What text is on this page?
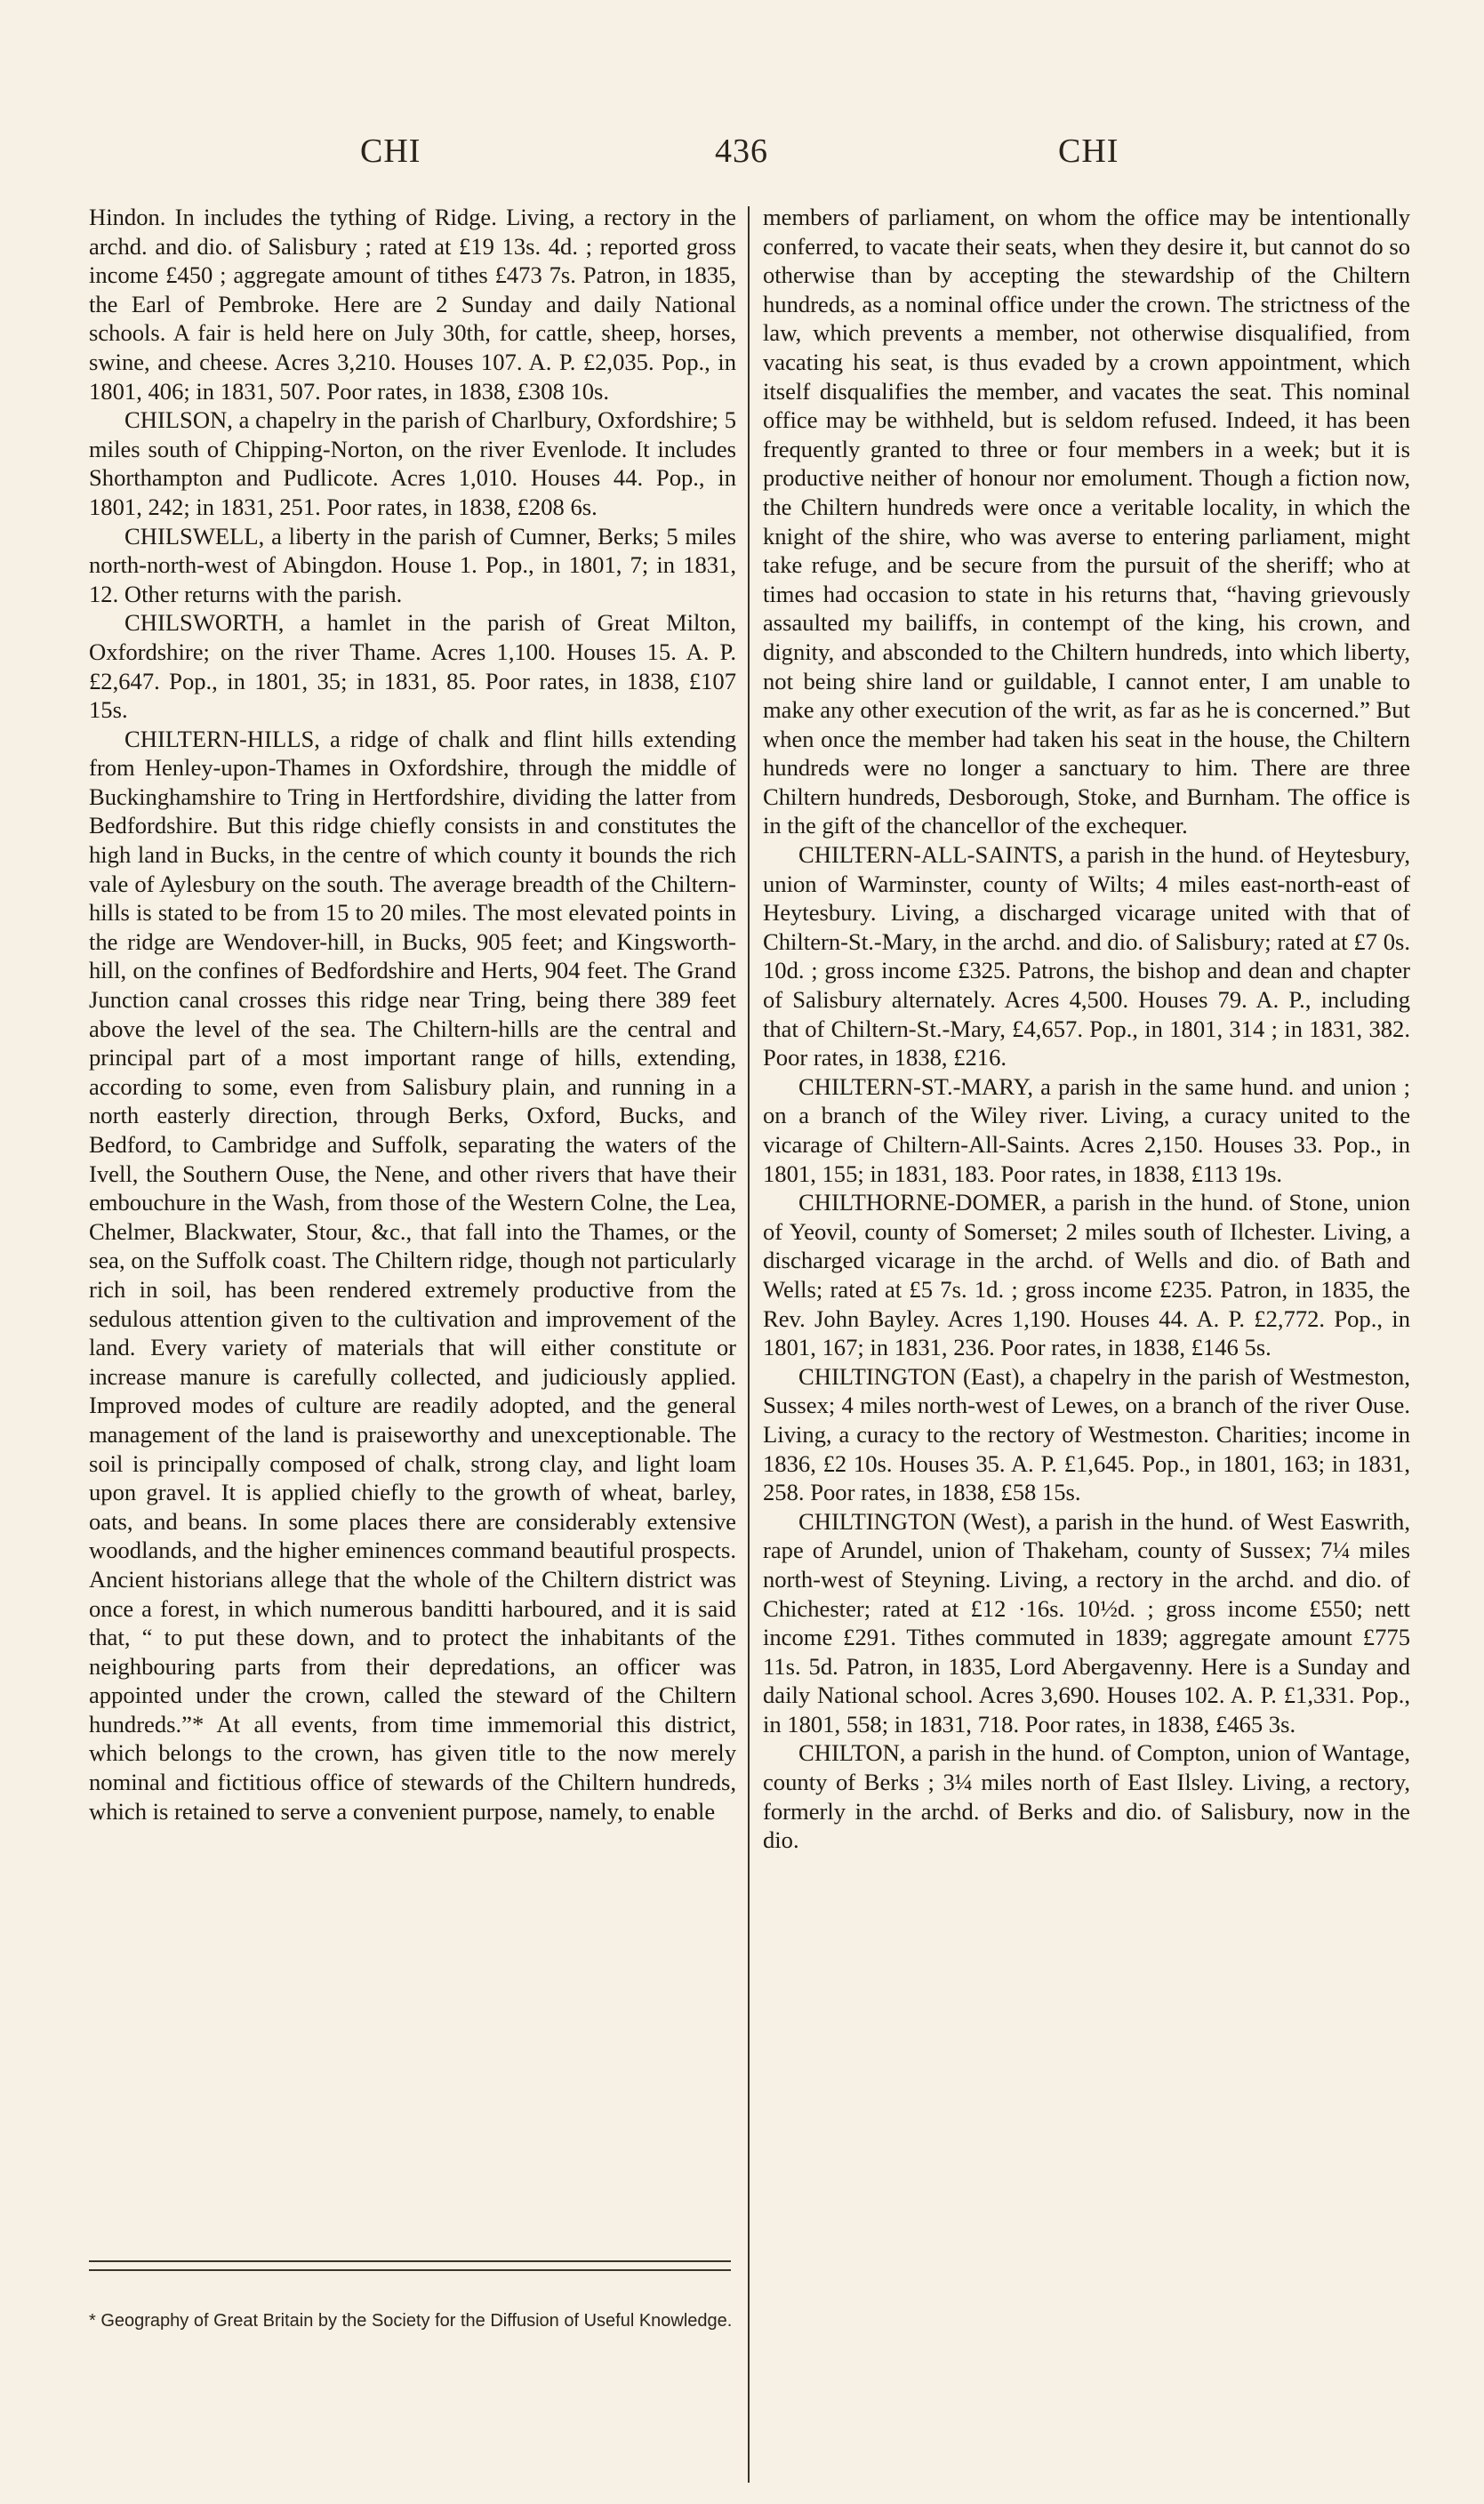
CHI	436	CHI

Hindon. In includes the tything of Ridge. Living, a rectory in the archd. and dio. of Salisbury ; rated at £19 13s. 4d. ; reported gross income £450 ; aggregate amount of tithes £473 7s. Patron, in 1835, the Earl of Pembroke. Here are 2 Sunday and daily National schools. A fair is held here on July 30th, for cattle, sheep, horses, swine, and cheese. Acres 3,210. Houses 107. A. P. £2,035. Pop., in 1801, 406; in 1831, 507. Poor rates, in 1838, £308 10s.

CHILSON, a chapelry in the parish of Charlbury, Oxfordshire; 5 miles south of Chipping-Norton, on the river Evenlode. It includes Shorthampton and Pudlicote. Acres 1,010. Houses 44. Pop., in 1801, 242; in 1831, 251. Poor rates, in 1838, £208 6s.

CHILSWELL, a liberty in the parish of Cumner, Berks; 5 miles north-north-west of Abingdon. House 1. Pop., in 1801, 7; in 1831, 12. Other returns with the parish.

CHILSWORTH, a hamlet in the parish of Great Milton, Oxfordshire; on the river Thame. Acres 1,100. Houses 15. A. P. £2,647. Pop., in 1801, 35; in 1831, 85. Poor rates, in 1838, £107 15s.

CHILTERN-HILLS, a ridge of chalk and flint hills extending from Henley-upon-Thames in Oxfordshire, through the middle of Buckinghamshire to Tring in Hertfordshire, dividing the latter from Bedfordshire. But this ridge chiefly consists in and constitutes the high land in Bucks, in the centre of which county it bounds the rich vale of Aylesbury on the south. The average breadth of the Chiltern-hills is stated to be from 15 to 20 miles. The most elevated points in the ridge are Wendover-hill, in Bucks, 905 feet; and Kingsworth-hill, on the confines of Bedfordshire and Herts, 904 feet. The Grand Junction canal crosses this ridge near Tring, being there 389 feet above the level of the sea. The Chiltern-hills are the central and principal part of a most important range of hills, extending, according to some, even from Salisbury plain, and running in a north easterly direction, through Berks, Oxford, Bucks, and Bedford, to Cambridge and Suffolk, separating the waters of the Ivell, the Southern Ouse, the Nene, and other rivers that have their embouchure in the Wash, from those of the Western Colne, the Lea, Chelmer, Blackwater, Stour, &c., that fall into the Thames, or the sea, on the Suffolk coast. The Chiltern ridge, though not particularly rich in soil, has been rendered extremely productive from the sedulous attention given to the cultivation and improvement of the land. Every variety of materials that will either constitute or increase manure is carefully collected, and judiciously applied. Improved modes of culture are readily adopted, and the general management of the land is praiseworthy and unexceptionable. The soil is principally composed of chalk, strong clay, and light loam upon gravel. It is applied chiefly to the growth of wheat, barley, oats, and beans. In some places there are considerably extensive woodlands, and the higher eminences command beautiful prospects. Ancient historians allege that the whole of the Chiltern district was once a forest, in which numerous banditti harboured, and it is said that, “ to put these down, and to protect the inhabitants of the neighbouring parts from their depredations, an officer was appointed under the crown, called the steward of the Chiltern hundreds.”* At all events, from time immemorial this district, which belongs to the crown, has given title to the now merely nominal and fictitious office of stewards of the Chiltern hundreds, which is retained to serve a convenient purpose, namely, to enable

members of parliament, on whom the office may be intentionally conferred, to vacate their seats, when they desire it, but cannot do so otherwise than by accepting the stewardship of the Chiltern hundreds, as a nominal office under the crown. The strictness of the law, which prevents a member, not otherwise disqualified, from vacating his seat, is thus evaded by a crown appointment, which itself disqualifies the member, and vacates the seat. This nominal office may be withheld, but is seldom refused. Indeed, it has been frequently granted to three or four members in a week; but it is productive neither of honour nor emolument. Though a fiction now, the Chiltern hundreds were once a veritable locality, in which the knight of the shire, who was averse to entering parliament, might take refuge, and be secure from the pursuit of the sheriff; who at times had occasion to state in his returns that, “having grievously assaulted my bailiffs, in contempt of the king, his crown, and dignity, and absconded to the Chiltern hundreds, into which liberty, not being shire land or guildable, I cannot enter, I am unable to make any other execution of the writ, as far as he is concerned.” But when once the member had taken his seat in the house, the Chiltern hundreds were no longer a sanctuary to him. There are three Chiltern hundreds, Desborough, Stoke, and Burnham. The office is in the gift of the chancellor of the exchequer.

CHILTERN-ALL-SAINTS, a parish in the hund. of Heytesbury, union of Warminster, county of Wilts; 4 miles east-north-east of Heytesbury. Living, a discharged vicarage united with that of Chiltern-St.-Mary, in the archd. and dio. of Salisbury; rated at £7 0s. 10d. ; gross income £325. Patrons, the bishop and dean and chapter of Salisbury alternately. Acres 4,500. Houses 79. A. P., including that of Chiltern-St.-Mary, £4,657. Pop., in 1801, 314 ; in 1831, 382. Poor rates, in 1838, £216.

CHILTERN-ST.-MARY, a parish in the same hund. and union ; on a branch of the Wiley river. Living, a curacy united to the vicarage of Chiltern-All-Saints. Acres 2,150. Houses 33. Pop., in 1801, 155; in 1831, 183. Poor rates, in 1838, £113 19s.

CHILTHORNE-DOMER, a parish in the hund. of Stone, union of Yeovil, county of Somerset; 2 miles south of Ilchester. Living, a discharged vicarage in the archd. of Wells and dio. of Bath and Wells; rated at £5 7s. 1d. ; gross income £235. Patron, in 1835, the Rev. John Bayley. Acres 1,190. Houses 44. A. P. £2,772. Pop., in 1801, 167; in 1831, 236. Poor rates, in 1838, £146 5s.

CHILTINGTON (East), a chapelry in the parish of Westmeston, Sussex; 4 miles north-west of Lewes, on a branch of the river Ouse. Living, a curacy to the rectory of Westmeston. Charities; income in 1836, £2 10s. Houses 35. A. P. £1,645. Pop., in 1801, 163; in 1831, 258. Poor rates, in 1838, £58 15s.

CHILTINGTON (West), a parish in the hund. of West Easwrith, rape of Arundel, union of Thakeham, county of Sussex; 7¼ miles north-west of Steyning. Living, a rectory in the archd. and dio. of Chichester; rated at £12 ·16s. 10½d. ; gross income £550; nett income £291. Tithes commuted in 1839; aggregate amount £775 11s. 5d. Patron, in 1835, Lord Abergavenny. Here is a Sunday and daily National school. Acres 3,690. Houses 102. A. P. £1,331. Pop., in 1801, 558; in 1831, 718. Poor rates, in 1838, £465 3s.

CHILTON, a parish in the hund. of Compton, union of Wantage, county of Berks ; 3¼ miles north of East Ilsley. Living, a rectory, formerly in the archd. of Berks and dio. of Salisbury, now in the dio.

* Geography of Great Britain by the Society for the Diffusion of Useful Knowledge.
